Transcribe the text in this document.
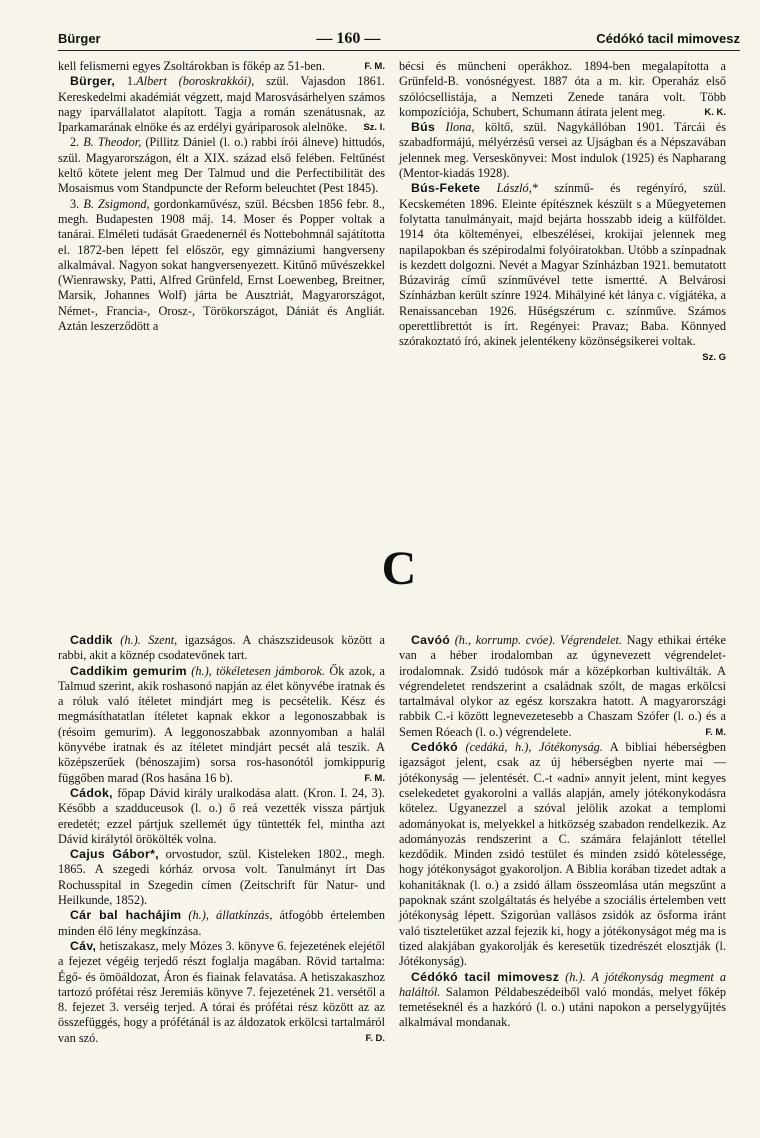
Bürger	— 160 —	Cédókó tacil mimovesz

kell felismerni egyes Zsoltárokban is főkép az 51-ben.	F. M.

Bürger, 1.Albert (boroskrakkói), szül. Vajasdon 1861. Kereskedelmi akadémiát végzett, majd Marosvásárhelyen számos nagy iparvállalatot alapított. Tagja a román szenátusnak, az Iparkamarának elnöke és az erdélyi gyáriparosok alelnöke.	Sz. I.

2. B. Theodor, (Pillitz Dániel (l. o.) rabbi írói álneve) hittudós, szül. Magyarországon, élt a XIX. század első felében. Feltűnést keltő kötete jelent meg Der Talmud und die Perfectibilität des Mosaismus vom Standpuncte der Reform beleuchtet (Pest 1845).

3. B. Zsigmond, gordonkaművész, szül. Bécsben 1856 febr. 8., megh. Budapesten 1908 máj. 14. Moser és Popper voltak a tanárai. Elméleti tudását Graedenernél és Nottebohmnál sajátította el. 1872-ben lépett fel először, egy gimnáziumi hangverseny alkalmával. Nagyon sokat hangversenyezett. Kitűnő művészekkel (Wienrawsky, Patti, Alfred Grünfeld, Ernst Loewenbeg, Breitner, Marsik, Johannes Wolf) járta be Ausztriát, Magyarországot, Német-, Francia-, Orosz-, Törökországot, Dániát és Angliát. Aztán leszerződött a

bécsi és müncheni operákhoz. 1894-ben megalapította a Grünfeld-B. vonósnégyest. 1887 óta a m. kir. Operaház első szólócsellistája, a Nemzeti Zenede tanára volt. Több kompozíciója, Schubert, Schumann átirata jelent meg.	K. K.

Bús Ilona, költő, szül. Nagykállóban 1901. Tárcái és szabadformájú, mélyérzésű versei az Ujságban és a Népszavában jelennek meg. Verseskönyvei: Most indulok (1925) és Napharang (Mentor-kiadás 1928).

Bús-Fekete László,* színmű- és regényíró, szül. Kecskeméten 1896. Eleinte építésznek készült s a Műegyetemen folytatta tanulmányait, majd bejárta hosszabb ideig a külföldet. 1914 óta költeményei, elbeszélései, krokijai jelennek meg napilapokban és szépirodalmi folyóiratokban. Utóbb a színpadnak is kezdett dolgozni. Nevét a Magyar Színházban 1921. bemutatott Búzavirág című színművével tette ismertté. A Belvárosi Színházban került színre 1924. Mihályiné két lánya c. vígjátéka, a Renaissanceban 1926. Hűségszérum c. színműve. Számos operettlibrettót is írt. Regényei: Pravaz; Baba. Könnyed szórakoztató író, akinek jelentékeny közönségsikerei voltak.
Sz. G

C

Caddik (h.). Szent, igazságos. A chászszideusok között a rabbi, akit a köznép csodatevőnek tart.

Caddikim gemurim (h.), tökéletesen jámborok. Ők azok, a Talmud szerint, akik roshasonó napján az élet könyvébe iratnak és a róluk való ítéletet mindjárt meg is pecsételik. Kész és megmásíthatatlan ítéletet kapnak ekkor a legonoszabbak is (résoim gemurim). A leggonoszabbak azonnyomban a halál könyvébe iratnak és az ítéletet mindjárt pecsét alá teszik. A középszerűek (bénoszajim) sorsa ros-hasonótól jomkippurig függőben marad (Ros hasána 16 b).	F. M.

Cádok, főpap Dávid király uralkodása alatt. (Kron. I. 24, 3). Később a szadduceusok (l. o.) ő reá vezették vissza pártjuk eredetét; ezzel pártjuk szellemét úgy tüntették fel, mintha azt Dávid királytól örökölték volna.

Cajus Gábor*, orvostudor, szül. Kisteleken 1802., megh. 1865. A szegedi kórház orvosa volt. Tanulmányt írt Das Rochusspital in Szegedin címen (Zeitschrift für Natur- und Heilkunde, 1852).

Cár bal hachájim (h.), állatkínzás, átfogóbb értelemben minden élő lény megkínzása.

Cáv, hetiszakasz, mely Mózes 3. könyve 6. fejezetének elejétől a fejezet végéig terjedő részt foglalja magában. Rövid tartalma: Égő- és ömöáldozat, Áron és fiainak felavatása. A hetiszakaszhoz tartozó prófétai rész Jeremiás könyve 7. fejezetének 21. versétől a 8. fejezet 3. verséig terjed. A tórai és prófétai rész között az az összefüggés, hogy a prófétánál is az áldozatok erkölcsi tartalmáról van szó.	F. D.

Cavóó (h., korrump. cvóe). Végrendelet. Nagy ethikai értéke van a héber irodalomban az úgynevezett végrendelet-irodalomnak. Zsidó tudósok már a középkorban kultiválták. A végrendeletet rendszerint a családnak szólt, de magas erkölcsi tartalmával olykor az egész korszakra hatott. A magyarországi rabbik C.-i között legnevezetesebb a Chaszam Szófer (l. o.) és a Semen Róeach (l. o.) végrendelete.	F. M.

Cedókó (cedáká, h.), Jótékonyság. A bibliai héberségben igazságot jelent, csak az új héberségben nyerte mai — jótékonyság — jelentését. C.-t «adni» annyit jelent, mint kegyes cselekedetet gyakorolni a vallás alapján, amely jótékonykodásra kötelez. Ugyanezzel a szóval jelölik azokat a templomi adományokat is, melyekkel a hitközség szabadon rendelkezik. Az adományozás rendszerint a C. számára felajánlott tétellel kezdődik. Minden zsidó testület és minden zsidó kötelessége, hogy jótékonyságot gyakoroljon. A Biblia korában tizedet adtak a kohanitáknak (l. o.) a zsidó állam összeomlása után megszűnt a papoknak szánt szolgáltatás és helyébe a szociális értelemben vett jótékonyság lépett. Szigorúan vallásos zsidók az ősforma iránt való tiszteletüket azzal fejezik ki, hogy a jótékonyságot még ma is tized alakjában gyakorolják és keresetük tizedrészét elosztják (l. Jótékonyság).

Cédókó tacil mimovesz (h.). A jótékonyság megment a haláltól. Salamon Példabeszédeiből való mondás, melyet főkép temetéseknél és a hazkóró (l. o.) utáni napokon a perselygyűjtés alkalmával mondanak.
